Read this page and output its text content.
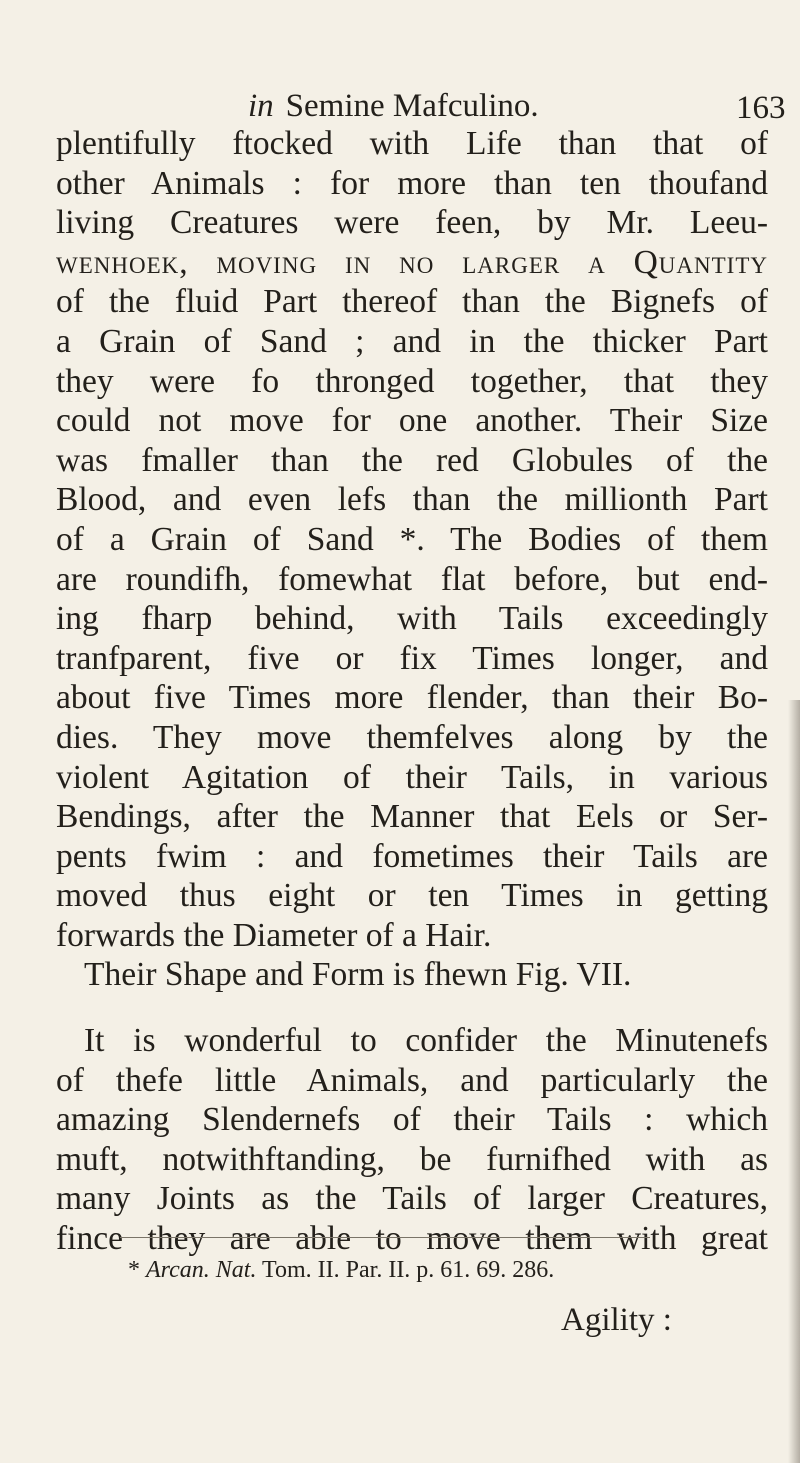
in Semine Mafculino.	163
plentifully ftocked with Life than that of
other Animals : for more than ten thoufand
living Creatures were feen, by Mr. Leeu-
wenhoek, moving in no larger a Quantity
of the fluid Part thereof than the Bignefs of
a Grain of Sand ; and in the thicker Part
they were fo thronged together, that they
could not move for one another. Their Size
was fmaller than the red Globules of the
Blood, and even lefs than the millionth Part
of a Grain of Sand *. The Bodies of them
are roundifh, fomewhat flat before, but end-
ing fharp behind, with Tails exceedingly
tranfparent, five or fix Times longer, and
about five Times more flender, than their Bo-
dies. They move themfelves along by the
violent Agitation of their Tails, in various
Bendings, after the Manner that Eels or Ser-
pents fwim : and fometimes their Tails are
moved thus eight or ten Times in getting
forwards the Diameter of a Hair.
Their Shape and Form is fhewn Fig. VII.
It is wonderful to confider the Minutenefs
of thefe little Animals, and particularly the
amazing Slendernefs of their Tails : which
muft, notwithftanding, be furnifhed with as
many Joints as the Tails of larger Creatures,
fince they are able to move them with great
* Arcan. Nat. Tom. II. Par. II. p. 61. 69. 286.
Agility :
